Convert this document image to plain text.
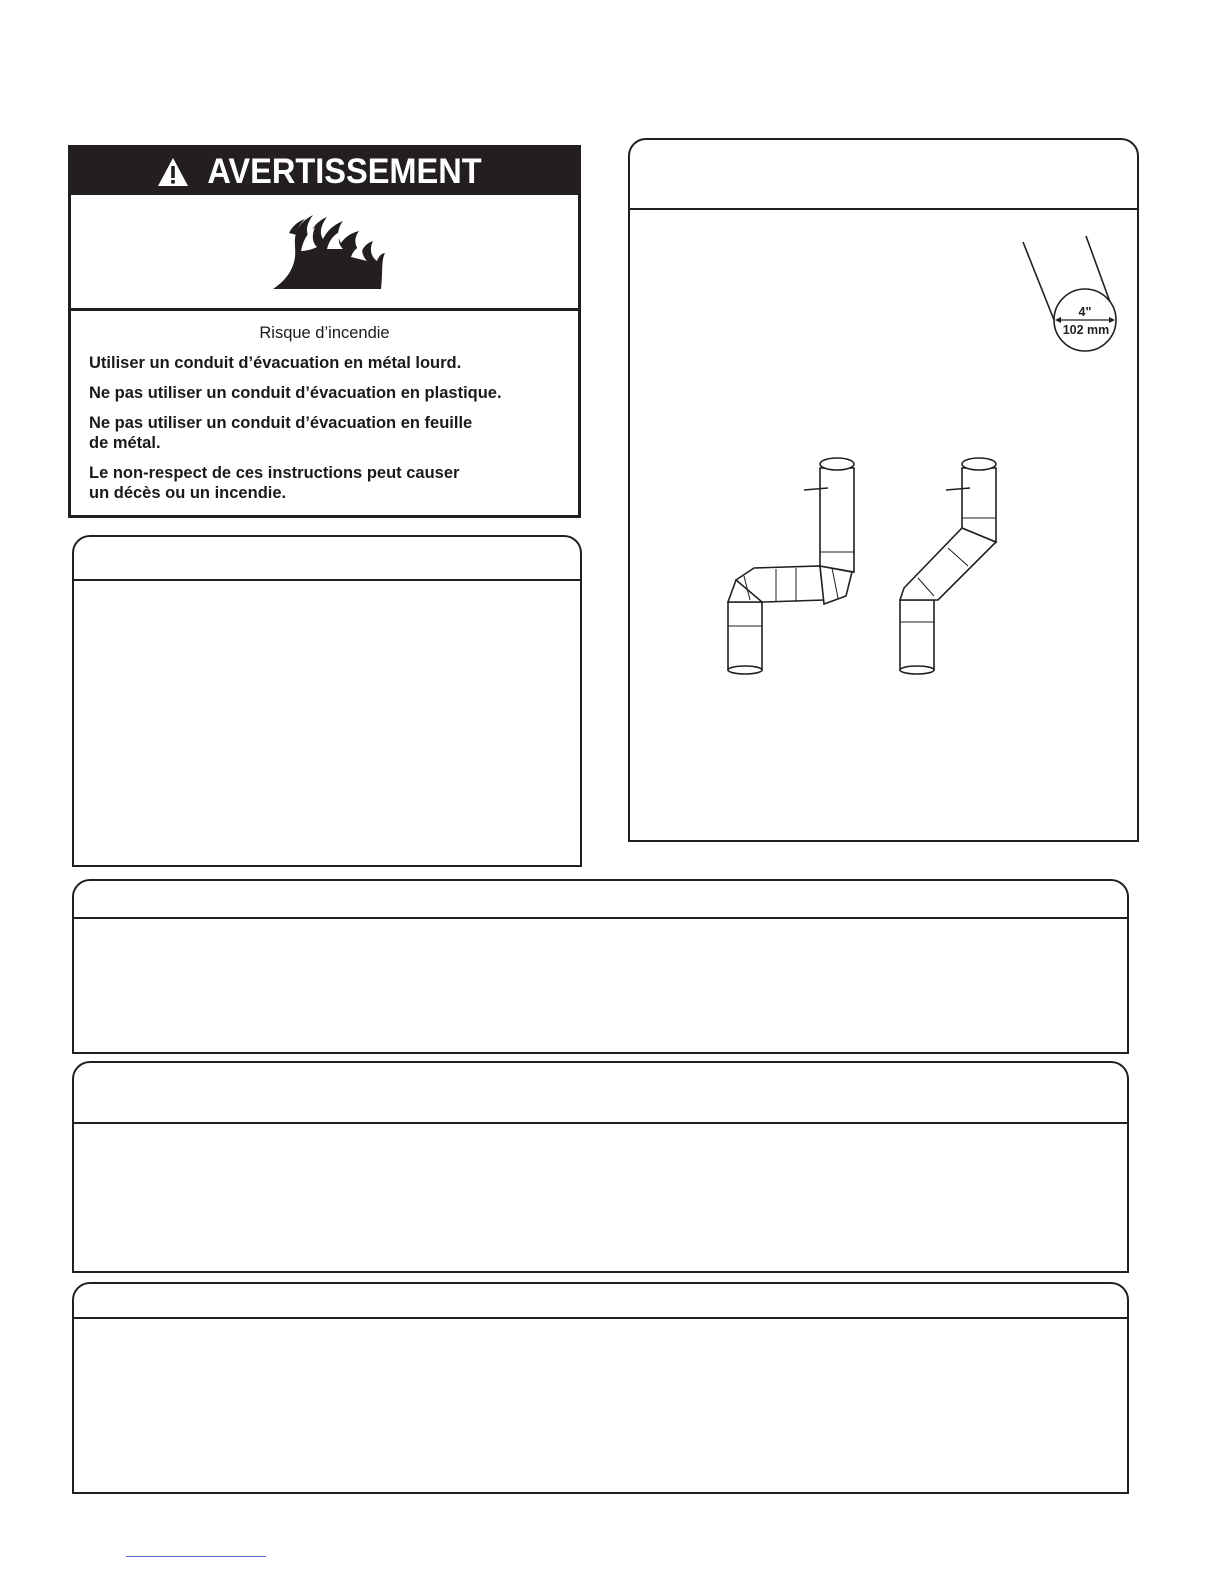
AVERTISSEMENT
Risque d’incendie

Utiliser un conduit d’évacuation en métal lourd.

Ne pas utiliser un conduit d’évacuation en plastique.

Ne pas utiliser un conduit d’évacuation en feuille
de métal.

Le non-respect de ces instructions peut causer
un décès ou un incendie.

4"
102 mm
